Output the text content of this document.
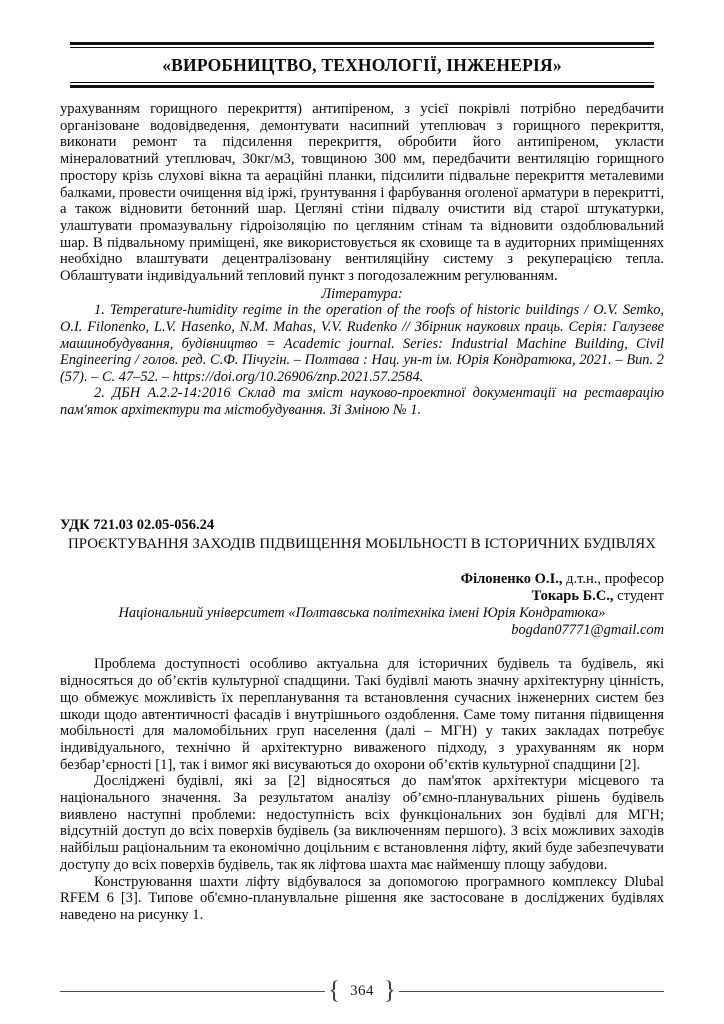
«ВИРОБНИЦТВО, ТЕХНОЛОГІЇ, ІНЖЕНЕРІЯ»

урахуванням горищного перекриття) антипіреном, з усієї покрівлі потрібно передбачити організоване водовідведення, демонтувати насипний утеплювач з горищного перекриття, виконати ремонт та підсилення перекриття, обробити його антипіреном, укласти мінераловатний утеплювач, 30кг/м3, товщиною 300 мм, передбачити вентиляцію горищного простору крізь слухові вікна та аераційні планки, підсилити підвальне перекриття металевими балками, провести очищення від іржі, ґрунтування і фарбування оголеної арматури в перекритті, а також відновити бетонний шар. Цегляні стіни підвалу очистити від старої штукатурки, улаштувати промазувальну гідроізоляцію по цегляним стінам та відновити оздоблювальний шар. В підвальному приміщені, яке використовується як сховище та в аудиторних приміщеннях необхідно влаштувати децентралізовану вентиляційну систему з рекуперацією тепла. Облаштувати індивідуальний тепловий пункт з погодозалежним регулюванням.

Література:

1. Temperature-humidity regime in the operation of the roofs of historic buildings / O.V. Semko, O.I. Filonenko, L.V. Hasenko, N.M. Mahas, V.V. Rudenko // Збірник наукових праць. Серія: Галузеве машинобудування, будівництво = Academic journal. Series: Industrial Machine Building, Civil Engineering / голов. ред. С.Ф. Пічугін. – Полтава : Нац. ун-т ім. Юрія Кондратюка, 2021. – Вип. 2 (57). – С. 47–52. – https://doi.org/10.26906/znp.2021.57.2584.

2. ДБН А.2.2-14:2016 Склад та зміст науково-проектної документації на реставрацію пам'яток архітектури та містобудування. Зі Зміною № 1.

УДК 721.03 02.05-056.24
ПРОЄКТУВАННЯ ЗАХОДІВ ПІДВИЩЕННЯ МОБІЛЬНОСТІ В ІСТОРИЧНИХ БУДІВЛЯХ
Філоненко О.І., д.т.н., професор
Токарь Б.С., студент
Національний університет «Полтавська політехніка імені Юрія Кондратюка»
bogdan07771@gmail.com

Проблема доступності особливо актуальна для історичних будівель та будівель, які відносяться до об’єктів культурної спадщини. Такі будівлі мають значну архітектурну цінність, що обмежує можливість їх перепланування та встановлення сучасних інженерних систем без шкоди щодо автентичності фасадів і внутрішнього оздоблення. Саме тому питання підвищення мобільності для маломобільних груп населення (далі – МГН) у таких закладах потребує індивідуального, технічно й архітектурно виваженого підходу, з урахуванням як норм безбар’єрності [1], так і вимог які висуваються до охорони об’єктів культурної спадщини [2].

Досліджені будівлі, які за [2] відносяться до пам'яток архітектури місцевого та національного значення. За результатом аналізу об’ємно-планувальних рішень будівель виявлено наступні проблеми: недоступність всіх функціональних зон будівлі для МГН; відсутній доступ до всіх поверхів будівель (за виключенням першого). З всіх можливих заходів найбільш раціональним та економічно доцільним є встановлення ліфту, який буде забезпечувати доступу до всіх поверхів будівель, так як ліфтова шахта має найменшу площу забудови.

Конструювання шахти ліфту відбувалося за допомогою програмного комплексу Dlubal RFEM 6 [3]. Типове об'ємно-планувлальне рішення яке застосоване в досліджених будівлях наведено на рисунку 1.

{ 364 }
